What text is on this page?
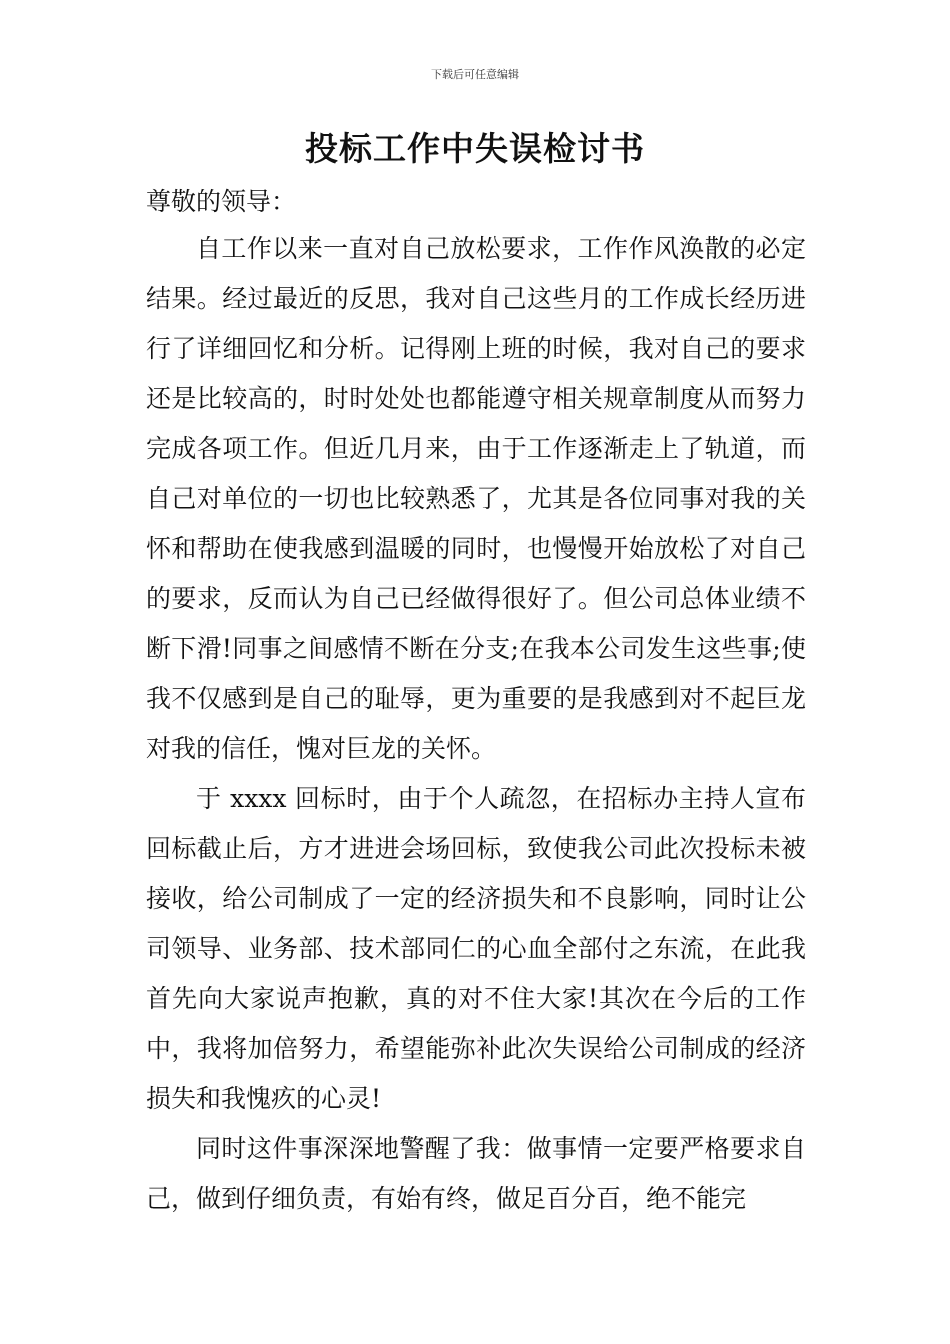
下载后可任意编辑
投标工作中失误检讨书
尊敬的领导：

自工作以来一直对自己放松要求，工作作风涣散的必定结果。经过最近的反思，我对自己这些月的工作成长经历进行了详细回忆和分析。记得刚上班的时候，我对自己的要求还是比较高的，时时处处也都能遵守相关规章制度从而努力完成各项工作。但近几月来，由于工作逐渐走上了轨道，而自己对单位的一切也比较熟悉了，尤其是各位同事对我的关怀和帮助在使我感到温暖的同时，也慢慢开始放松了对自己的要求，反而认为自己已经做得很好了。但公司总体业绩不断下滑!同事之间感情不断在分支;在我本公司发生这些事;使我不仅感到是自己的耻辱，更为重要的是我感到对不起巨龙对我的信任，愧对巨龙的关怀。

于 xxxx 回标时，由于个人疏忽，在招标办主持人宣布回标截止后，方才进进会场回标，致使我公司此次投标未被接收，给公司制成了一定的经济损失和不良影响，同时让公司领导、业务部、技术部同仁的心血全部付之东流，在此我首先向大家说声抱歉，真的对不住大家!其次在今后的工作中，我将加倍努力，希望能弥补此次失误给公司制成的经济损失和我愧疚的心灵!

同时这件事深深地警醒了我：做事情一定要严格要求自己，做到仔细负责，有始有终，做足百分百，绝不能完
